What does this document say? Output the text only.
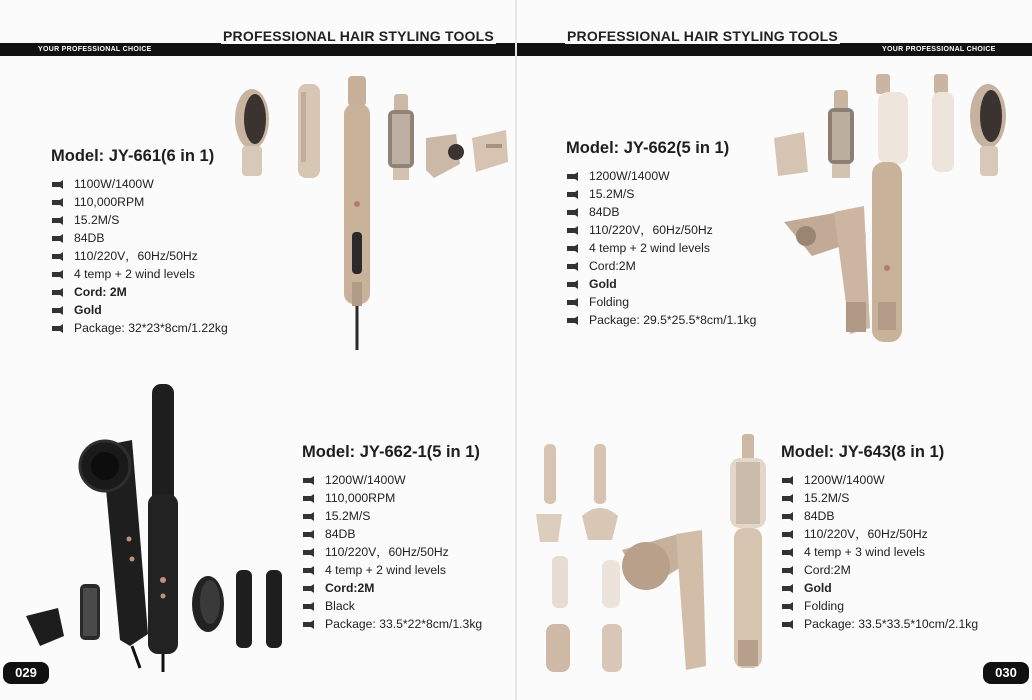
YOUR PROFESSIONAL CHOICE
PROFESSIONAL HAIR STYLING TOOLS
Model: JY-661(6 in 1)
1100W/1400W
110,000RPM
15.2M/S
84DB
110/220V，60Hz/50Hz
4 temp + 2 wind levels
Cord: 2M
Gold
Package: 32*23*8cm/1.22kg
Model: JY-662-1(5 in 1)
1200W/1400W
110,000RPM
15.2M/S
84DB
110/220V，60Hz/50Hz
4 temp + 2 wind levels
Cord:2M
Black
Package: 33.5*22*8cm/1.3kg
029
YOUR PROFESSIONAL CHOICE
PROFESSIONAL HAIR STYLING TOOLS
Model: JY-662(5 in 1)
1200W/1400W
15.2M/S
84DB
110/220V，60Hz/50Hz
4 temp + 2 wind levels
Cord:2M
Gold
Folding
Package: 29.5*25.5*8cm/1.1kg
Model: JY-643(8 in 1)
1200W/1400W
15.2M/S
84DB
110/220V，60Hz/50Hz
4 temp + 3 wind levels
Cord:2M
Gold
Folding
Package: 33.5*33.5*10cm/2.1kg
030
